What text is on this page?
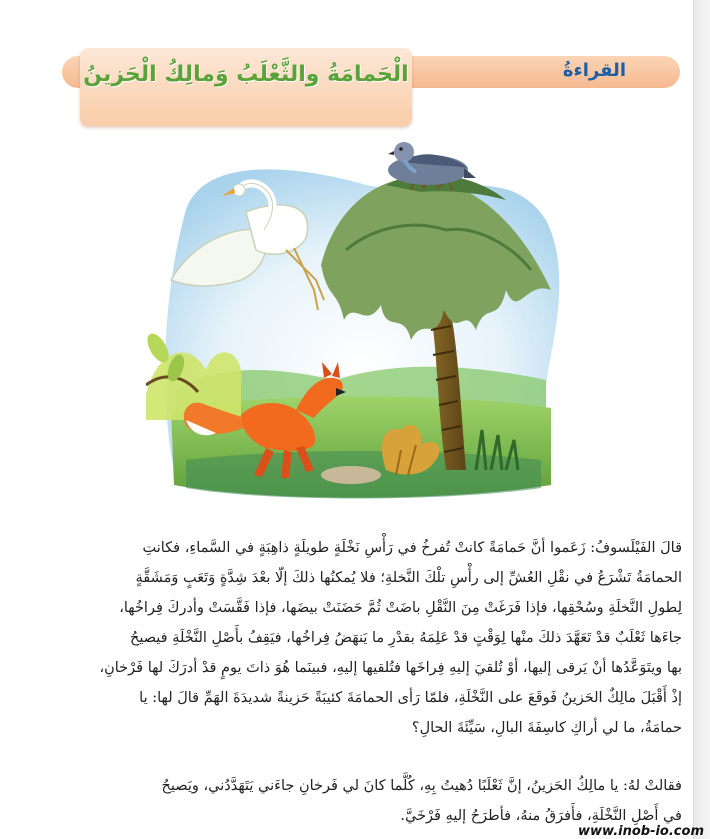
القراءةُ
الْحَمامَةُ والثَّعْلَبُ وَمالِكُ الْحَزينُ
قالَ الفَيْلَسوفُ: زَعَموا أنَّ حَمامَةً كانتْ تُفرخُ في رَأْسِ نَخْلَةٍ طويلَةٍ ذاهِبَةٍ في السَّماءِ، فكانتِ
الحمامَةُ تَشْرَعُ في نقْلِ العُشِّ إلى رأْسِ تلْكَ النَّخلةِ؛ فلا يُمكنُها ذلكَ إلّا بعْدَ شِدَّةٍ وَتَعَبٍ وَمَشَقَّةٍ
لِطولِ النَّخلَةِ وسُحْقِها، فإذا فَرَغَتْ مِنَ النَّقْلِ باضَتْ ثُمَّ حَضَنَتْ بيضَها، فإذا فَقَّسَتْ وأدركَ فِراخُها،
جاءَها ثَعْلَبٌ قدْ تَعَهَّدَ ذلكَ منْها لِوَقْتٍ قدْ عَلِمَهُ بقدْرِ ما يَنهَضُ فِراخُها، فيَقِفُ بأَصْلِ النَّخْلَةِ فيصيحُ
بها ويتَوَعَّدُها أنْ يَرقى إليها، أوْ تُلقيَ إليهِ فِراخَها فتُلقيها إليهِ، فبينَما هُوَ ذاتَ يومٍ قدْ أدرَكَ لها فَرْخانِ،
إذْ أَقْبَلَ مالِكٌ الحَزينُ فَوقَعَ على النَّخْلَةِ، فلمّا رَأى الحمامَةَ كئيبَةً حَزينةً شديدَةَ الهَمِّ قالَ لها: يا
حمامَةُ، ما لي أراكِ كاسِفَةَ البالِ، سَيِّئَةَ الحالِ؟
فقالتْ لهُ: يا مالِكُ الحَزينُ، إنَّ ثَعْلَبًا دُهيتُ بِهِ، كُلَّما كانَ لي فَرخانِ جاءَني يَتَهَدَّدُني، ويَصيحُ
في أَصْلِ النَّخْلَةِ، فأَفرَقُ منهُ، فأطرَحُ إليهِ فَرْخَيَّ.
www.inob-io.com
